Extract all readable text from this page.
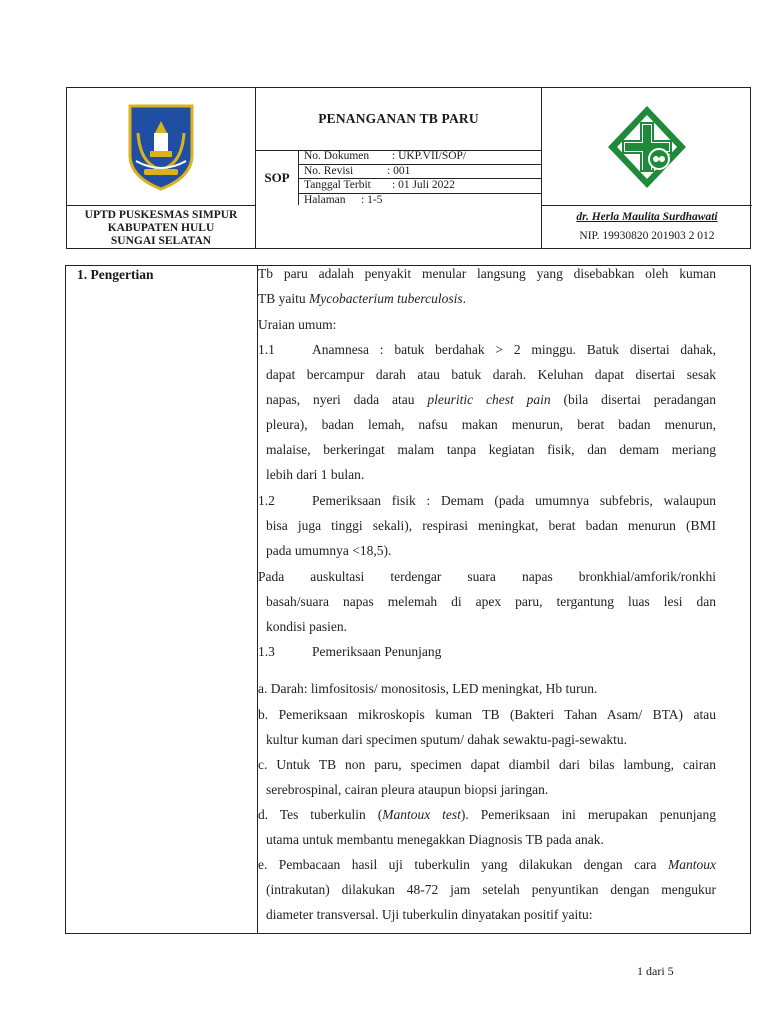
PENANGANAN TB PARU
SOP
No. Dokumen : UKP.VII/SOP/
No. Revisi	: 001
Tanggal Terbit : 01 Juli 2022
Halaman : 1-5
UPTD PUSKESMAS SIMPUR
KABUPATEN HULU
SUNGAI SELATAN
dr. Herla Maulita Surdhawati
NIP. 19930820 201903 2 012
1. Pengertian	Tb paru adalah penyakit menular langsung yang disebabkan oleh kuman
TB yaitu Mycobacterium tuberculosis.
Uraian umum:
1.1	Anamnesa : batuk berdahak > 2 minggu. Batuk disertai dahak,
dapat bercampur darah atau batuk darah. Keluhan dapat disertai sesak
napas, nyeri dada atau pleuritic chest pain (bila disertai peradangan
pleura), badan lemah, nafsu makan menurun, berat badan menurun,
malaise, berkeringat malam tanpa kegiatan fisik, dan demam meriang
lebih dari 1 bulan.
1.2	Pemeriksaan fisik : Demam (pada umumnya subfebris, walaupun
bisa juga tinggi sekali), respirasi meningkat, berat badan menurun (BMI
pada umumnya <18,5).
Pada auskultasi terdengar suara napas bronkhial/amforik/ronkhi
basah/suara napas melemah di apex paru, tergantung luas lesi dan
kondisi pasien.
1.3	Pemeriksaan Penunjang
a. Darah: limfositosis/ monositosis, LED meningkat, Hb turun.
b. Pemeriksaan mikroskopis kuman TB (Bakteri Tahan Asam/ BTA) atau
kultur kuman dari specimen sputum/ dahak sewaktu-pagi-sewaktu.
c. Untuk TB non paru, specimen dapat diambil dari bilas lambung, cairan
serebrospinal, cairan pleura ataupun biopsi jaringan.
d. Tes tuberkulin (Mantoux test). Pemeriksaan ini merupakan penunjang
utama untuk membantu menegakkan Diagnosis TB pada anak.
e. Pembacaan hasil uji tuberkulin yang dilakukan dengan cara Mantoux
(intrakutan) dilakukan 48-72 jam setelah penyuntikan dengan mengukur
diameter transversal. Uji tuberkulin dinyatakan positif yaitu:
1 dari 5
